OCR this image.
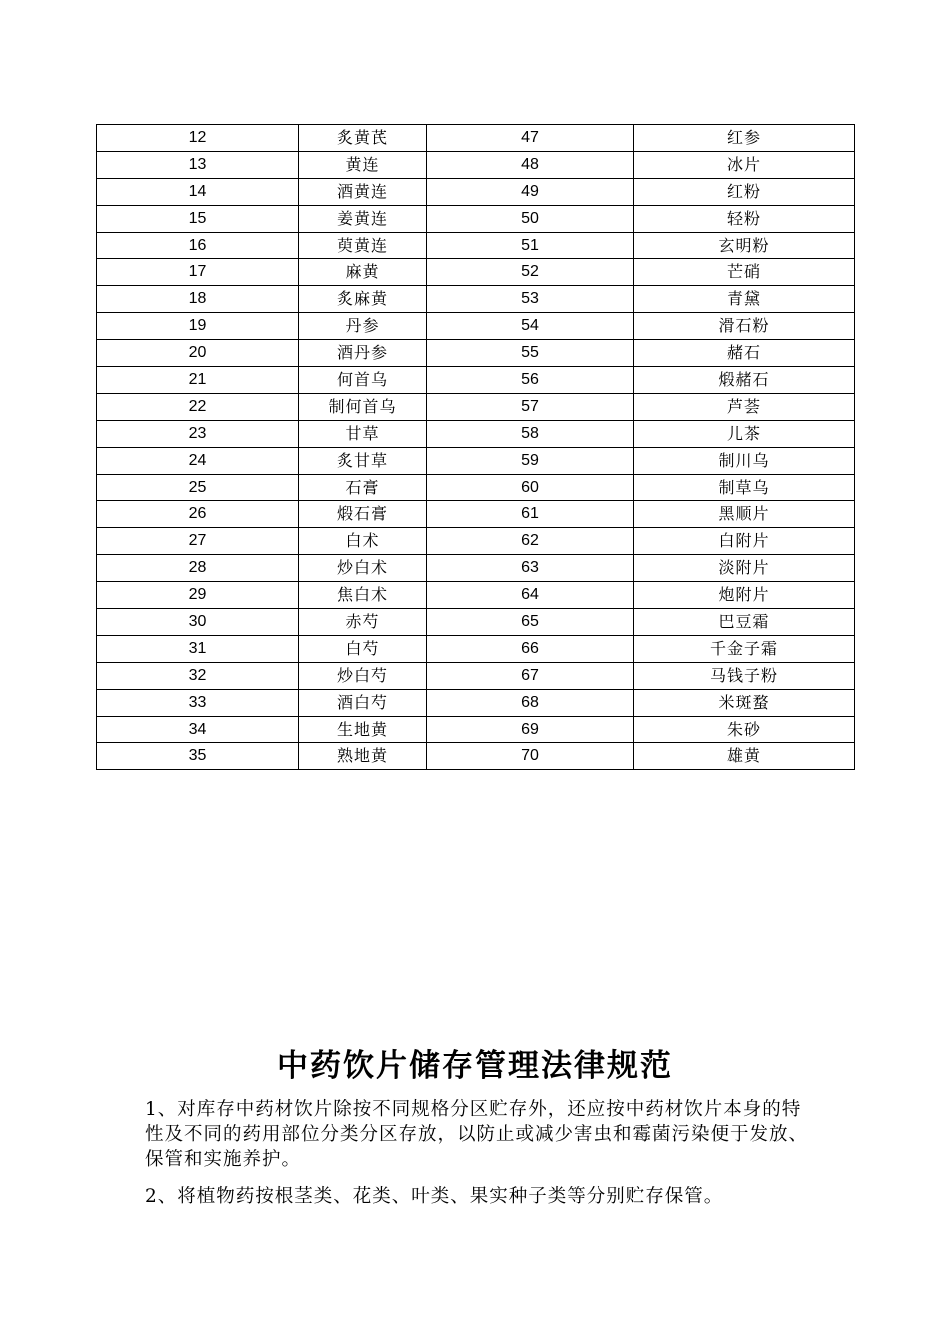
12	炙黄芪	47	红参
13	黄连	48	冰片
14	酒黄连	49	红粉
15	姜黄连	50	轻粉
16	萸黄连	51	玄明粉
17	麻黄	52	芒硝
18	炙麻黄	53	青黛
19	丹参	54	滑石粉
20	酒丹参	55	赭石
21	何首乌	56	煅赭石
22	制何首乌	57	芦荟
23	甘草	58	儿茶
24	炙甘草	59	制川乌
25	石膏	60	制草乌
26	煅石膏	61	黑顺片
27	白术	62	白附片
28	炒白术	63	淡附片
29	焦白术	64	炮附片
30	赤芍	65	巴豆霜
31	白芍	66	千金子霜
32	炒白芍	67	马钱子粉
33	酒白芍	68	米斑蝥
34	生地黄	69	朱砂
35	熟地黄	70	雄黄
中药饮片储存管理法律规范

1、对库存中药材饮片除按不同规格分区贮存外，还应按中药材饮片本身的特性及不同的药用部位分类分区存放，以防止或减少害虫和霉菌污染便于发放、保管和实施养护。

2、将植物药按根茎类、花类、叶类、果实种子类等分别贮存保管。
